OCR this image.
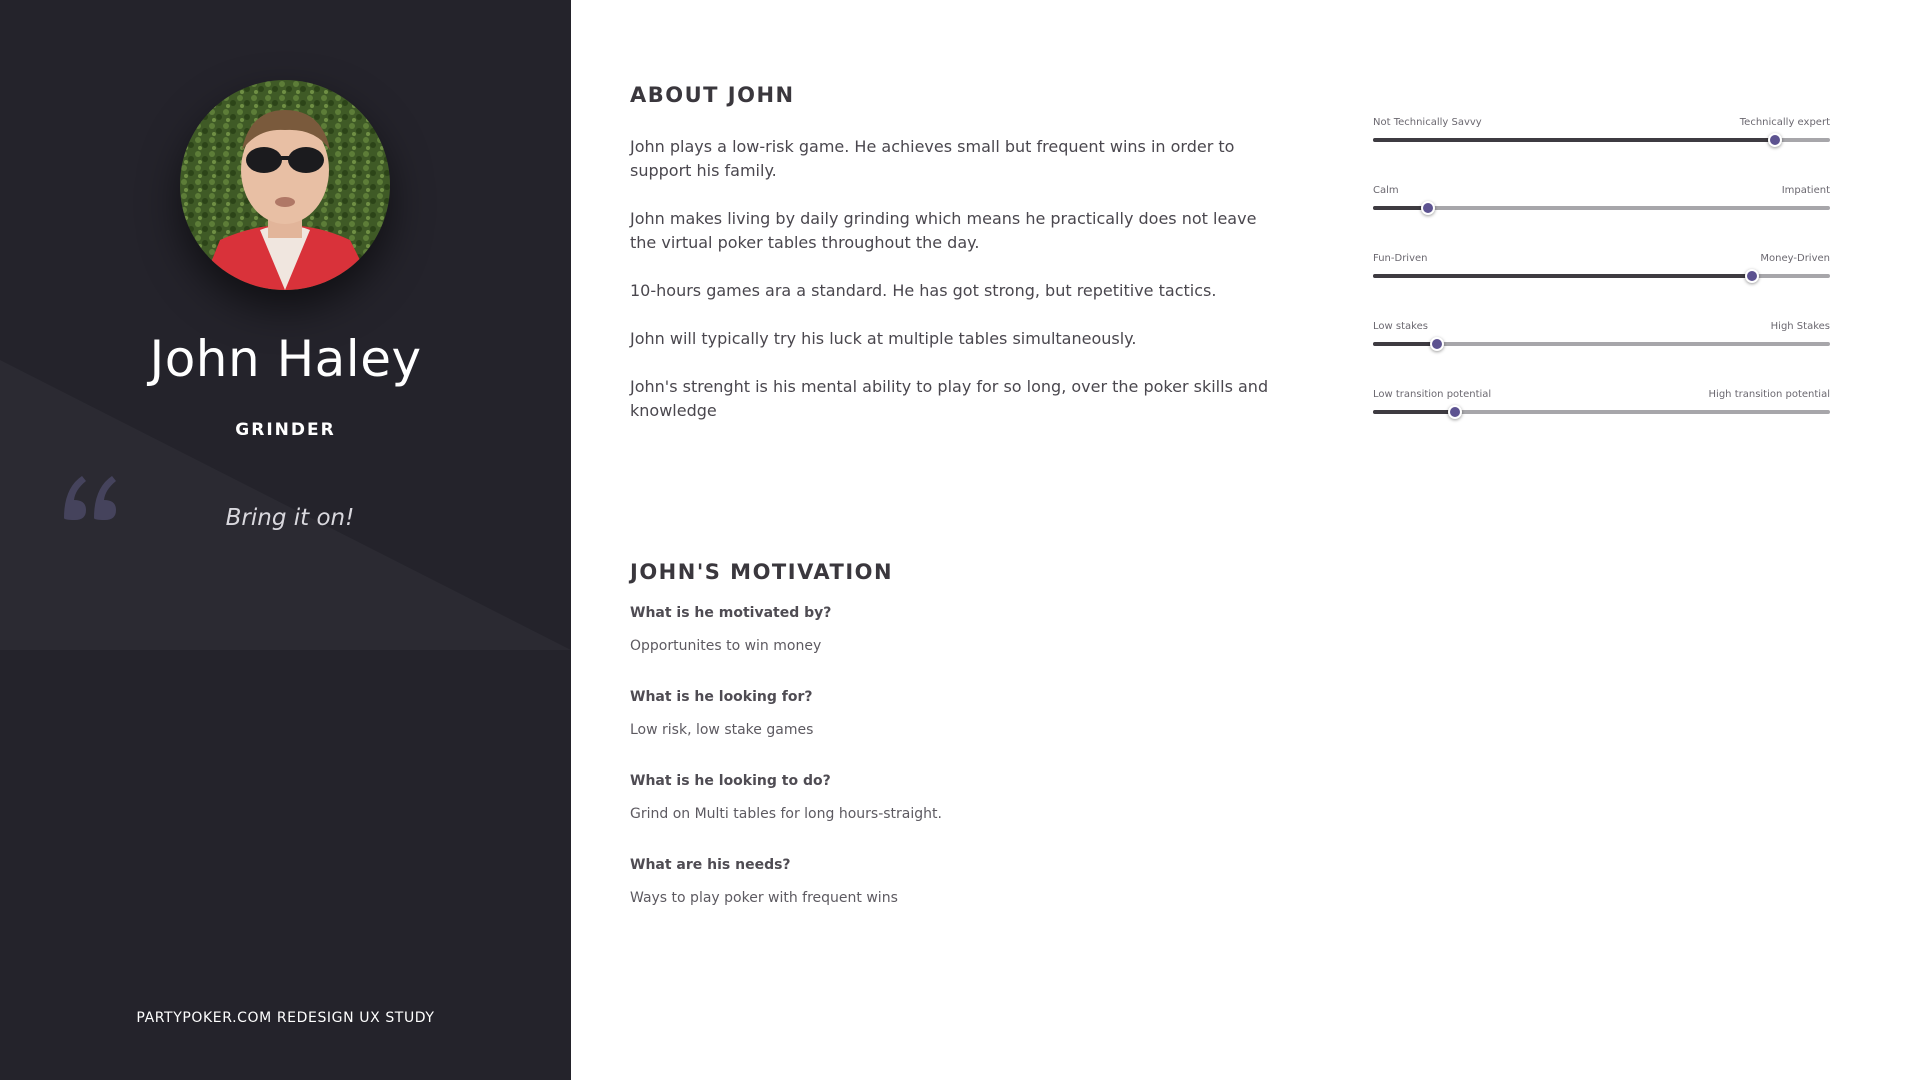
John Haley
GRINDER
Bring it on!
PARTYPOKER.COM REDESIGN UX STUDY
ABOUT JOHN

John plays a low-risk game. He achieves small but frequent wins in order to support his family.

John makes living by daily grinding which means he practically does not leave the virtual poker tables throughout the day.

10-hours games ara a standard. He has got strong, but repetitive tactics.

John will typically try his luck at multiple tables simultaneously.

John's strenght is his mental ability to play for so long, over the poker skills and knowledge

Not Technically Savvy	Technically expert
Calm	Impatient
Fun-Driven	Money-Driven
Low stakes	High Stakes
Low transition potential	High transition potential
JOHN'S MOTIVATION
What is he motivated by?
Opportunites to win money
What is he looking for?
Low risk, low stake games
What is he looking to do?
Grind on Multi tables for long hours-straight.
What are his needs?
Ways to play poker with frequent wins
